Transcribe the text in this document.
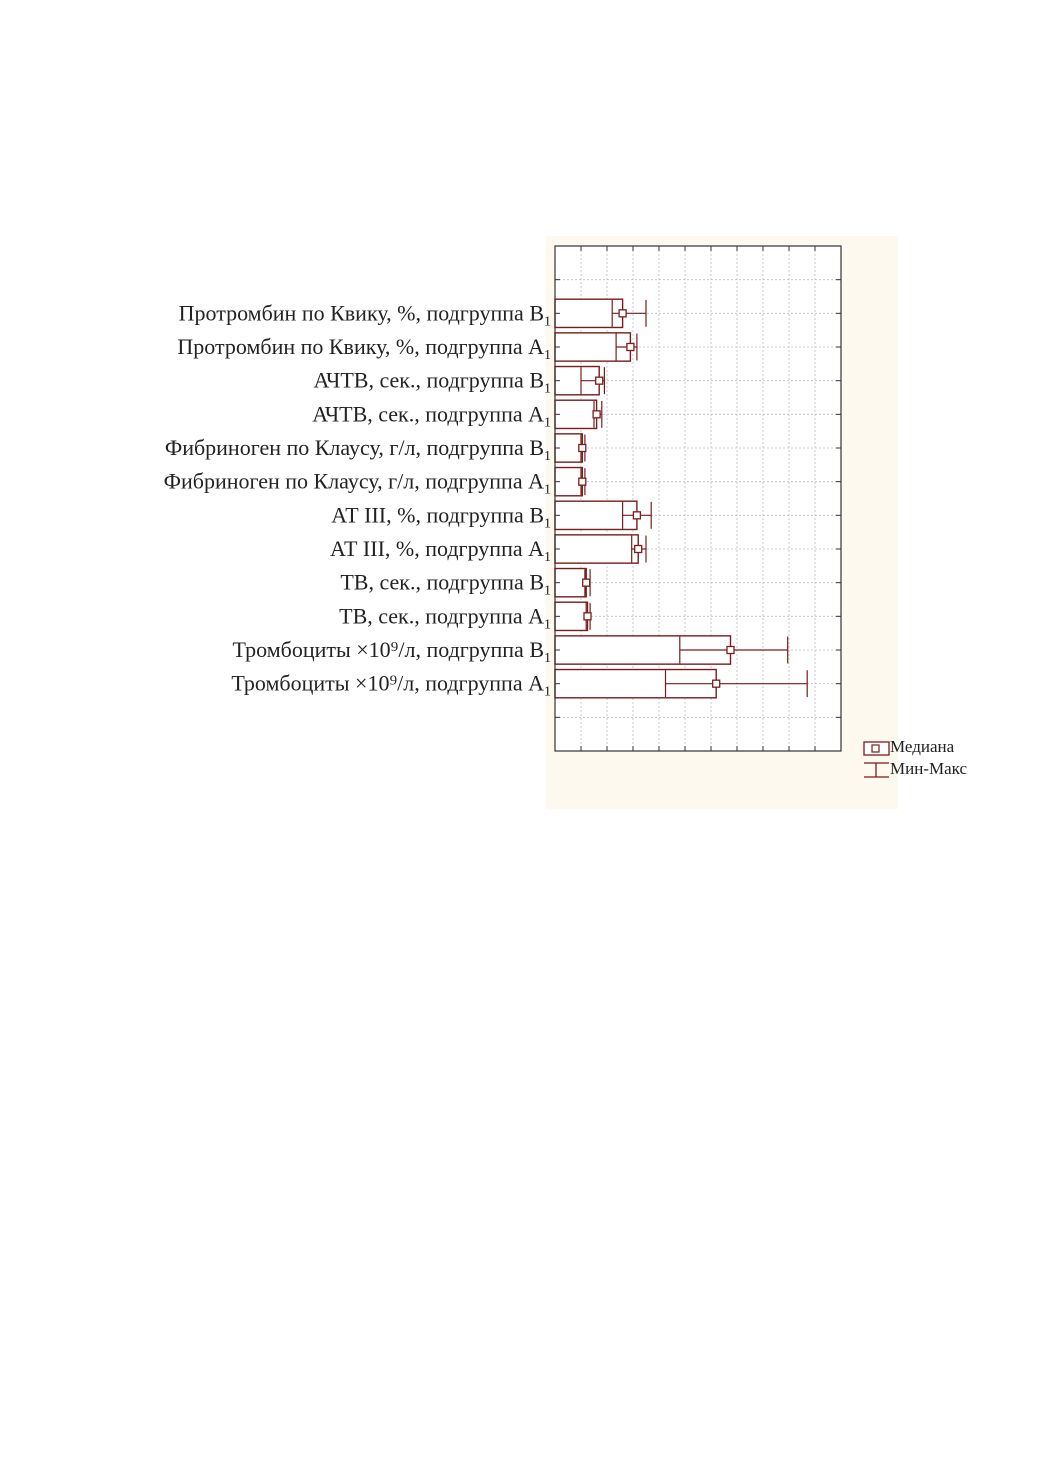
Протромбин по Квику, %, подгруппа $B_1$
Протромбин по Квику, %, подгруппа $A_1$
АЧТВ, сек., подгруппа $B_1$
АЧТВ, сек., подгруппа $A_1$
Фибриноген по Клаусу, г/л, подгруппа $B_1$
Фибриноген по Клаусу, г/л, подгруппа $A_1$
АТ III, %, подгруппа $B_1$
АТ III, %, подгруппа $A_1$
ТВ, сек., подгруппа $B_1$
ТВ, сек., подгруппа $A_1$
Тромбоциты ×10⁹/л, подгруппа $B_1$
Тромбоциты ×10⁹/л, подгруппа $A_1$
Медиана
Мин-Макс
